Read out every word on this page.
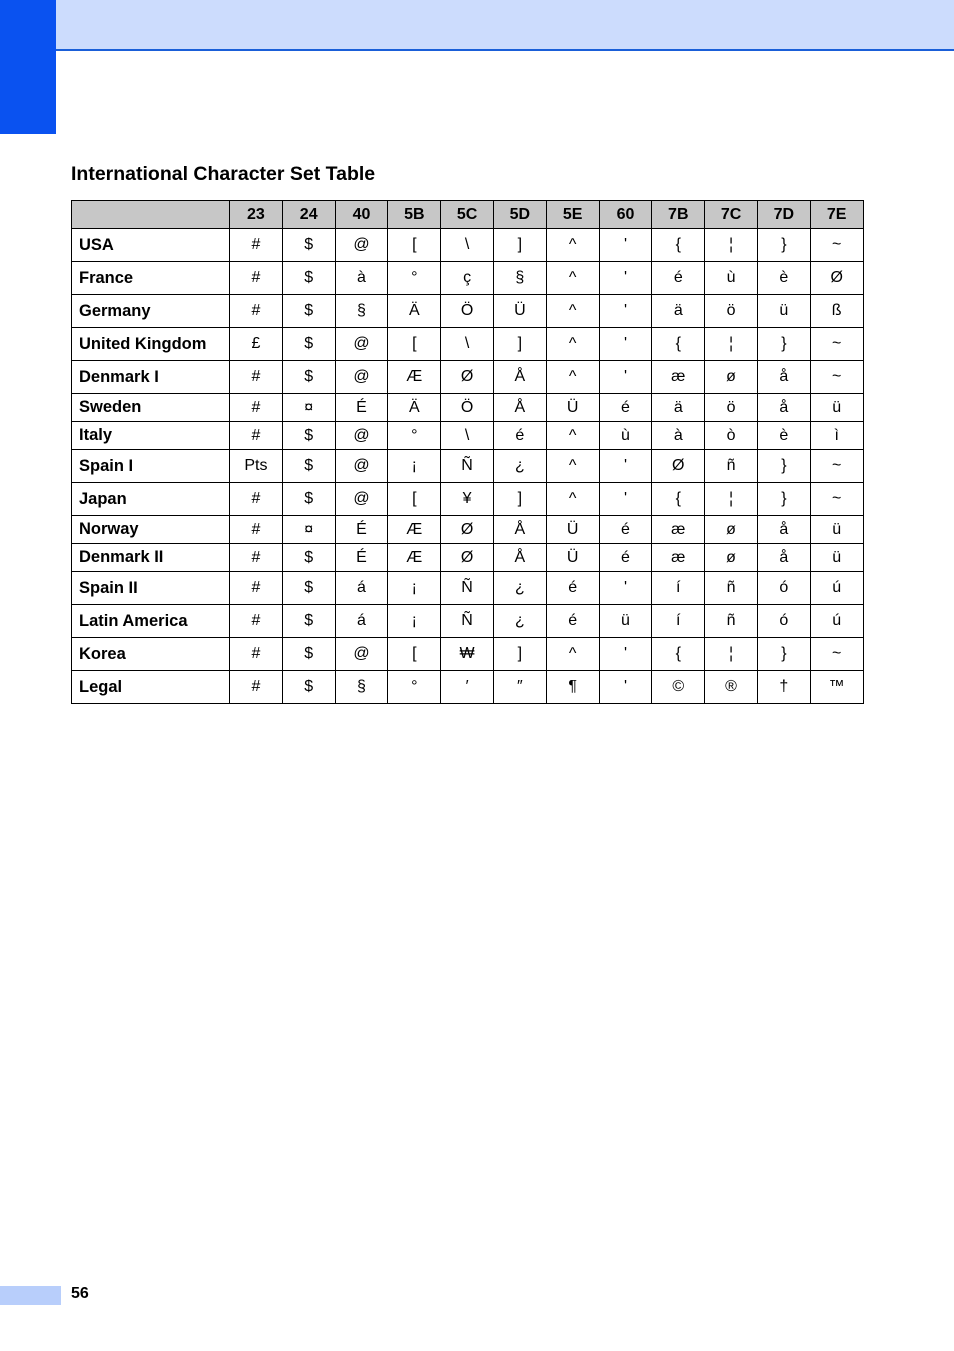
International Character Set Table
	23	24	40	5B	5C	5D	5E	60	7B	7C	7D	7E
USA	#	$	@	[	\	]	^	'	{	¦	}	~
France	#	$	à	°	ç	§	^	'	é	ù	è	Ø
Germany	#	$	§	Ä	Ö	Ü	^	'	ä	ö	ü	ß
United Kingdom	£	$	@	[	\	]	^	'	{	¦	}	~
Denmark I	#	$	@	Æ	Ø	Å	^	'	æ	ø	å	~
Sweden	#	¤	É	Ä	Ö	Å	Ü	é	ä	ö	å	ü
Italy	#	$	@	°	\	é	^	ù	à	ò	è	ì
Spain I	Pts	$	@	¡	Ñ	¿	^	'	Ø	ñ	}	~
Japan	#	$	@	[	¥	]	^	'	{	¦	}	~
Norway	#	¤	É	Æ	Ø	Å	Ü	é	æ	ø	å	ü
Denmark II	#	$	É	Æ	Ø	Å	Ü	é	æ	ø	å	ü
Spain II	#	$	á	¡	Ñ	¿	é	'	í	ñ	ó	ú
Latin America	#	$	á	¡	Ñ	¿	é	ü	í	ñ	ó	ú
Korea	#	$	@	[	₩	]	^	'	{	¦	}	~
Legal	#	$	§	°	′	″	¶	'	©	®	†	™
56
